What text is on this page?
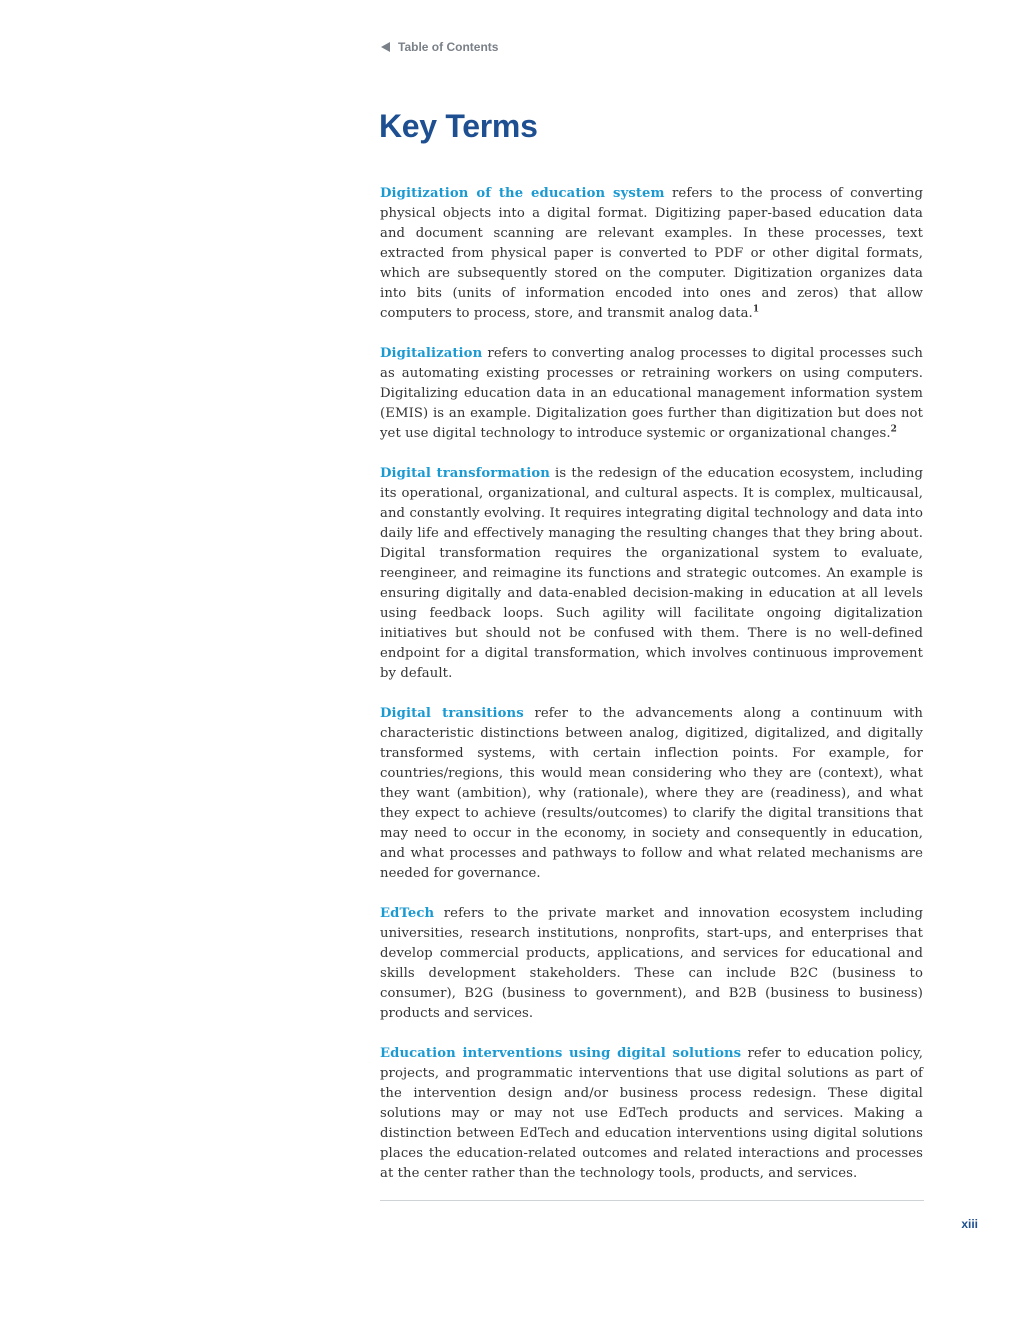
Table of Contents
Key Terms

Digitization of the education system refers to the process of converting physical objects into a digital format. Digitizing paper-based education data and document scanning are relevant examples. In these processes, text extracted from physical paper is converted to PDF or other digital formats, which are subsequently stored on the computer. Digitization organizes data into bits (units of information encoded into ones and zeros) that allow computers to process, store, and transmit analog data.$^1$

Digitalization refers to converting analog processes to digital processes such as automating existing processes or retraining workers on using computers. Digitalizing education data in an educational management information system (EMIS) is an example. Digitalization goes further than digitization but does not yet use digital technology to introduce systemic or organizational changes.$^2$

Digital transformation is the redesign of the education ecosystem, including its operational, organizational, and cultural aspects. It is complex, multicausal, and constantly evolving. It requires integrating digital technology and data into daily life and effectively managing the resulting changes that they bring about. Digital transformation requires the organizational system to evaluate, reengineer, and reimagine its functions and strategic outcomes. An example is ensuring digitally and data-enabled decision-making in education at all levels using feedback loops. Such agility will facilitate ongoing digitalization initiatives but should not be confused with them. There is no well-defined endpoint for a digital transformation, which involves continuous improvement by default.

Digital transitions refer to the advancements along a continuum with characteristic distinctions between analog, digitized, digitalized, and digitally transformed systems, with certain inflection points. For example, for countries/regions, this would mean considering who they are (context), what they want (ambition), why (rationale), where they are (readiness), and what they expect to achieve (results/outcomes) to clarify the digital transitions that may need to occur in the economy, in society and consequently in education, and what processes and pathways to follow and what related mechanisms are needed for governance.

EdTech refers to the private market and innovation ecosystem including universities, research institutions, nonprofits, start-ups, and enterprises that develop commercial products, applications, and services for educational and skills development stakeholders. These can include B2C (business to consumer), B2G (business to government), and B2B (business to business) products and services.

Education interventions using digital solutions refer to education policy, projects, and programmatic interventions that use digital solutions as part of the intervention design and/or business process redesign. These digital solutions may or may not use EdTech products and services. Making a distinction between EdTech and education interventions using digital solutions places the education-related outcomes and related interactions and processes at the center rather than the technology tools, products, and services.

xiii
